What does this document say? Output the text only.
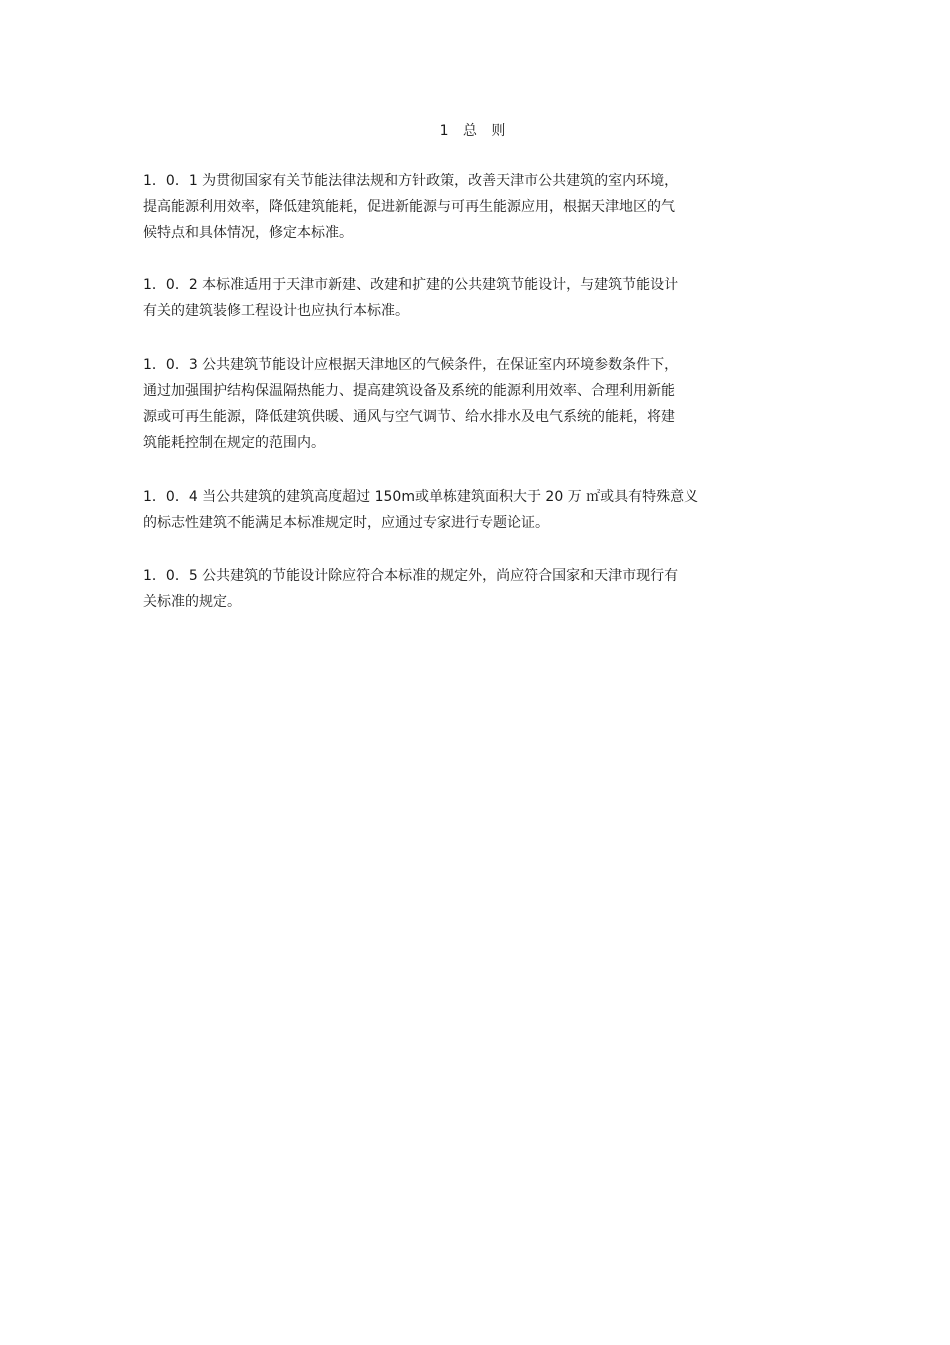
1 总 则
1．0．1 为贯彻国家有关节能法律法规和方针政策，改善天津市公共建筑的室内环境，
提高能源利用效率，降低建筑能耗，促进新能源与可再生能源应用，根据天津地区的气
候特点和具体情况，修定本标准。
1．0．2 本标准适用于天津市新建、改建和扩建的公共建筑节能设计，与建筑节能设计
有关的建筑装修工程设计也应执行本标准。
1．0．3 公共建筑节能设计应根据天津地区的气候条件，在保证室内环境参数条件下，
通过加强围护结构保温隔热能力、提高建筑设备及系统的能源利用效率、合理利用新能
源或可再生能源，降低建筑供暖、通风与空气调节、给水排水及电气系统的能耗，将建
筑能耗控制在规定的范围内。
1．0．4 当公共建筑的建筑高度超过 150m或单栋建筑面积大于 20 万 ㎡或具有特殊意义
的标志性建筑不能满足本标准规定时，应通过专家进行专题论证。
1．0．5 公共建筑的节能设计除应符合本标准的规定外，尚应符合国家和天津市现行有
关标准的规定。
